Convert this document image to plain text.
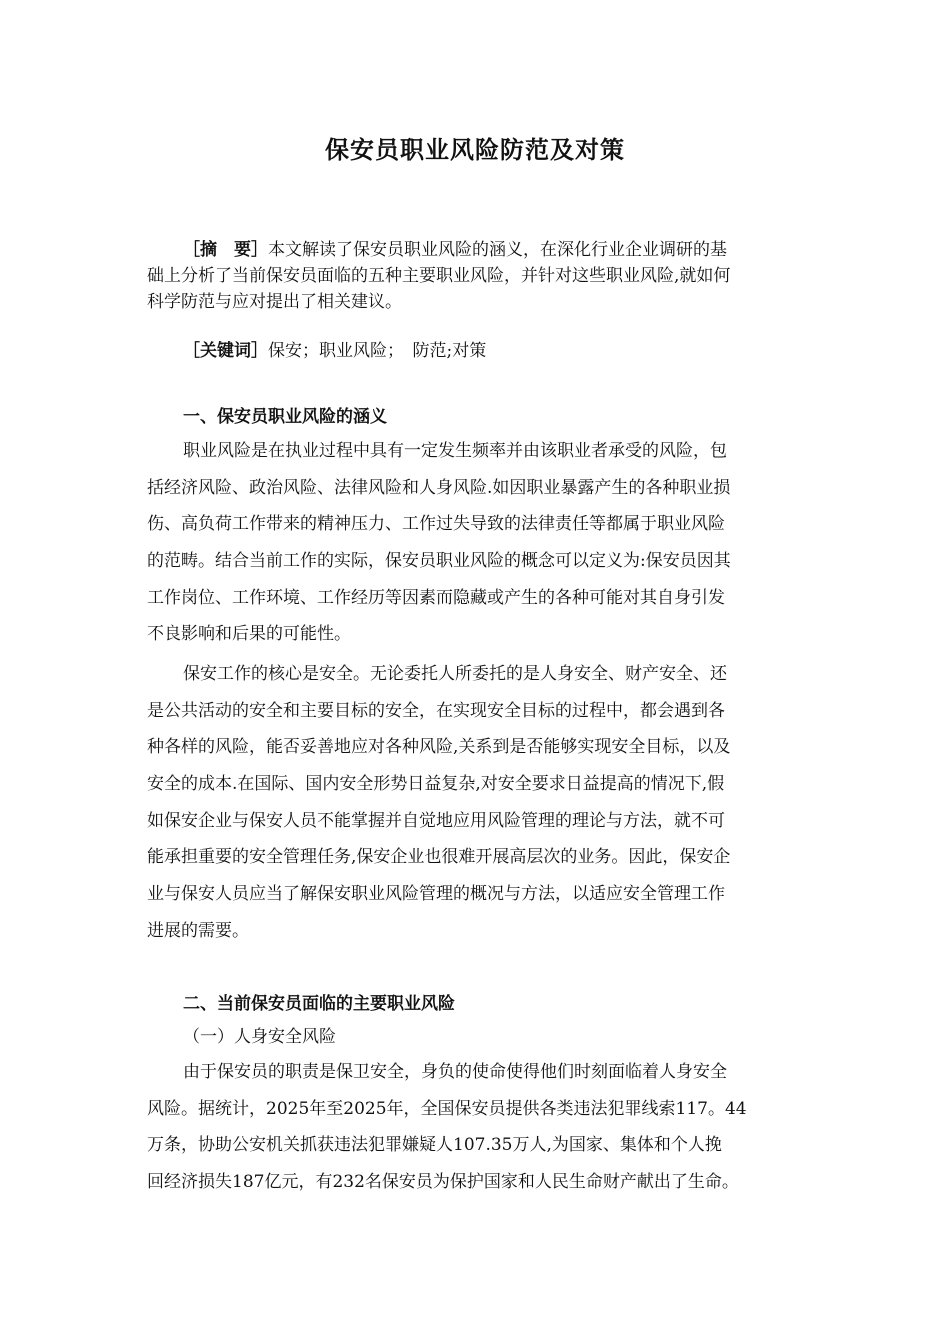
保安员职业风险防范及对策
［摘　要］本文解读了保安员职业风险的涵义，在深化行业企业调研的基
础上分析了当前保安员面临的五种主要职业风险，并针对这些职业风险,就如何
科学防范与应对提出了相关建议。
［关键词］保安；职业风险；　防范;对策
一、保安员职业风险的涵义
职业风险是在执业过程中具有一定发生频率并由该职业者承受的风险，包
括经济风险、政治风险、法律风险和人身风险.如因职业暴露产生的各种职业损
伤、高负荷工作带来的精神压力、工作过失导致的法律责任等都属于职业风险
的范畴。结合当前工作的实际，保安员职业风险的概念可以定义为:保安员因其
工作岗位、工作环境、工作经历等因素而隐藏或产生的各种可能对其自身引发
不良影响和后果的可能性。
保安工作的核心是安全。无论委托人所委托的是人身安全、财产安全、还
是公共活动的安全和主要目标的安全，在实现安全目标的过程中，都会遇到各
种各样的风险，能否妥善地应对各种风险,关系到是否能够实现安全目标，以及
安全的成本.在国际、国内安全形势日益复杂,对安全要求日益提高的情况下,假
如保安企业与保安人员不能掌握并自觉地应用风险管理的理论与方法，就不可
能承担重要的安全管理任务,保安企业也很难开展高层次的业务。因此，保安企
业与保安人员应当了解保安职业风险管理的概况与方法，以适应安全管理工作
进展的需要。
二、当前保安员面临的主要职业风险
（一）人身安全风险
由于保安员的职责是保卫安全，身负的使命使得他们时刻面临着人身安全
风险。据统计，2025年至2025年，全国保安员提供各类违法犯罪线索117。44
万条，协助公安机关抓获违法犯罪嫌疑人107.35万人,为国家、集体和个人挽
回经济损失187亿元，有232名保安员为保护国家和人民生命财产献出了生命。
